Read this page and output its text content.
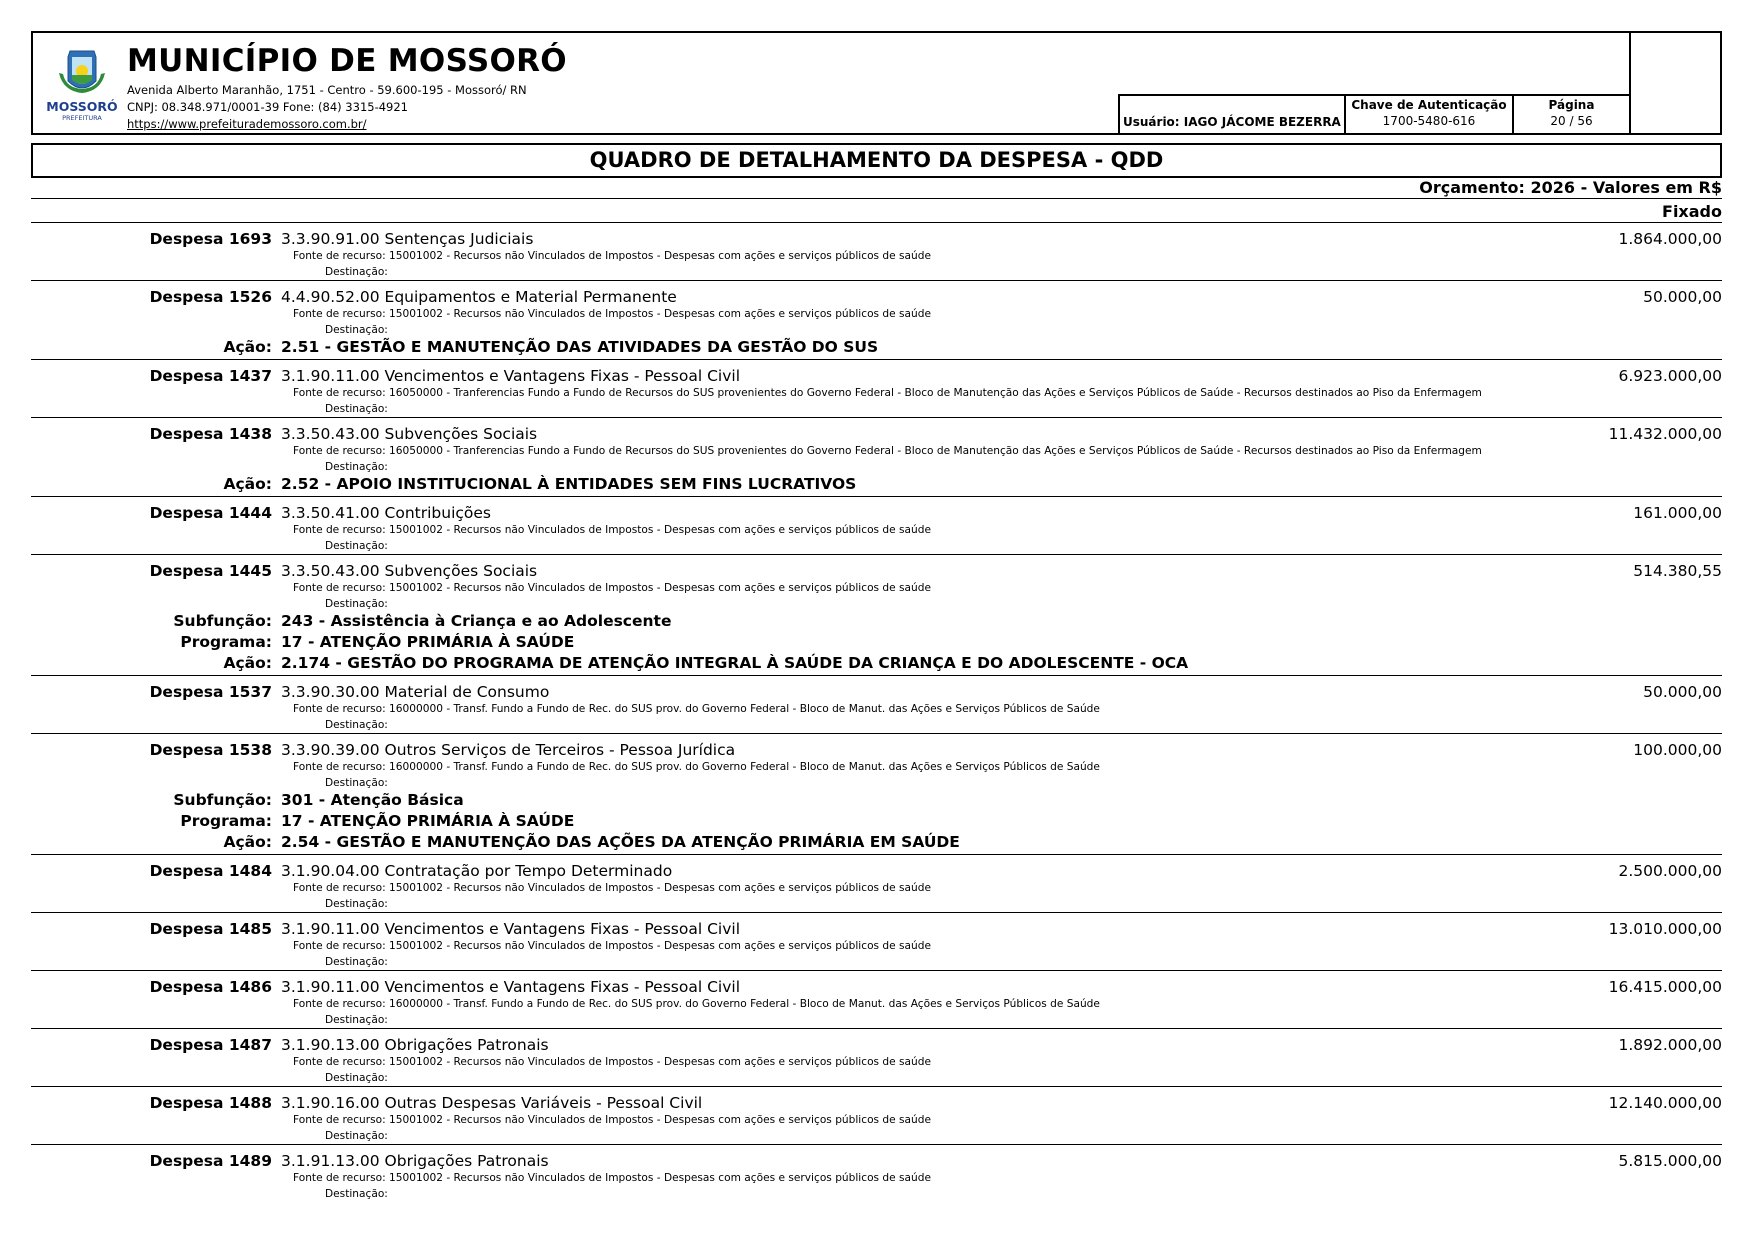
MOSSORÓ
PREFEITURA
MUNICÍPIO DE MOSSORÓ
Avenida Alberto Maranhão, 1751 - Centro - 59.600-195 - Mossoró/ RN
CNPJ: 08.348.971/0001-39 Fone: (84) 3315-4921
https://www.prefeiturademossoro.com.br/	Usuário: IAGO JÁCOME BEZERRA
Chave de Autenticação
1700-5480-616
Página
20 / 56
QUADRO DE DETALHAMENTO DA DESPESA - QDD
Orçamento: 2026 - Valores em R$
Fixado
Despesa 1693 3.3.90.91.00 Sentenças Judiciais
Fonte de recurso: 15001002 - Recursos não Vinculados de Impostos - Despesas com ações e serviços públicos de saúde
Destinação:
1.864.000,00
Despesa 1526 4.4.90.52.00 Equipamentos e Material Permanente
Fonte de recurso: 15001002 - Recursos não Vinculados de Impostos - Despesas com ações e serviços públicos de saúde
Destinação:
50.000,00
Ação: 2.51 - GESTÃO E MANUTENÇÃO DAS ATIVIDADES DA GESTÃO DO SUS
Despesa 1437 3.1.90.11.00 Vencimentos e Vantagens Fixas - Pessoal Civil
Fonte de recurso: 16050000 - Tranferencias Fundo a Fundo de Recursos do SUS provenientes do Governo Federal - Bloco de Manutenção das Ações e Serviços Públicos de Saúde - Recursos destinados ao Piso da Enfermagem
Destinação:
6.923.000,00
Despesa 1438 3.3.50.43.00 Subvenções Sociais
Fonte de recurso: 16050000 - Tranferencias Fundo a Fundo de Recursos do SUS provenientes do Governo Federal - Bloco de Manutenção das Ações e Serviços Públicos de Saúde - Recursos destinados ao Piso da Enfermagem
Destinação:
11.432.000,00
Ação: 2.52 - APOIO INSTITUCIONAL À ENTIDADES SEM FINS LUCRATIVOS
Despesa 1444 3.3.50.41.00 Contribuições
Fonte de recurso: 15001002 - Recursos não Vinculados de Impostos - Despesas com ações e serviços públicos de saúde
Destinação:
161.000,00
Despesa 1445 3.3.50.43.00 Subvenções Sociais
Fonte de recurso: 15001002 - Recursos não Vinculados de Impostos - Despesas com ações e serviços públicos de saúde
Destinação:
514.380,55
Subfunção: 243 - Assistência à Criança e ao Adolescente
Programa: 17 - ATENÇÃO PRIMÁRIA À SAÚDE
Ação: 2.174 - GESTÃO DO PROGRAMA DE ATENÇÃO INTEGRAL À SAÚDE DA CRIANÇA E DO ADOLESCENTE - OCA
Despesa 1537 3.3.90.30.00 Material de Consumo
Fonte de recurso: 16000000 - Transf. Fundo a Fundo de Rec. do SUS prov. do Governo Federal - Bloco de Manut. das Ações e Serviços Públicos de Saúde
Destinação:
50.000,00
Despesa 1538 3.3.90.39.00 Outros Serviços de Terceiros - Pessoa Jurídica
Fonte de recurso: 16000000 - Transf. Fundo a Fundo de Rec. do SUS prov. do Governo Federal - Bloco de Manut. das Ações e Serviços Públicos de Saúde
Destinação:
100.000,00
Subfunção: 301 - Atenção Básica
Programa: 17 - ATENÇÃO PRIMÁRIA À SAÚDE
Ação: 2.54 - GESTÃO E MANUTENÇÃO DAS AÇÕES DA ATENÇÃO PRIMÁRIA EM SAÚDE
Despesa 1484 3.1.90.04.00 Contratação por Tempo Determinado
Fonte de recurso: 15001002 - Recursos não Vinculados de Impostos - Despesas com ações e serviços públicos de saúde
Destinação:
2.500.000,00
Despesa 1485 3.1.90.11.00 Vencimentos e Vantagens Fixas - Pessoal Civil
Fonte de recurso: 15001002 - Recursos não Vinculados de Impostos - Despesas com ações e serviços públicos de saúde
Destinação:
13.010.000,00
Despesa 1486 3.1.90.11.00 Vencimentos e Vantagens Fixas - Pessoal Civil
Fonte de recurso: 16000000 - Transf. Fundo a Fundo de Rec. do SUS prov. do Governo Federal - Bloco de Manut. das Ações e Serviços Públicos de Saúde
Destinação:
16.415.000,00
Despesa 1487 3.1.90.13.00 Obrigações Patronais
Fonte de recurso: 15001002 - Recursos não Vinculados de Impostos - Despesas com ações e serviços públicos de saúde
Destinação:
1.892.000,00
Despesa 1488 3.1.90.16.00 Outras Despesas Variáveis - Pessoal Civil
Fonte de recurso: 15001002 - Recursos não Vinculados de Impostos - Despesas com ações e serviços públicos de saúde
Destinação:
12.140.000,00
Despesa 1489 3.1.91.13.00 Obrigações Patronais
Fonte de recurso: 15001002 - Recursos não Vinculados de Impostos - Despesas com ações e serviços públicos de saúde
Destinação:
5.815.000,00
